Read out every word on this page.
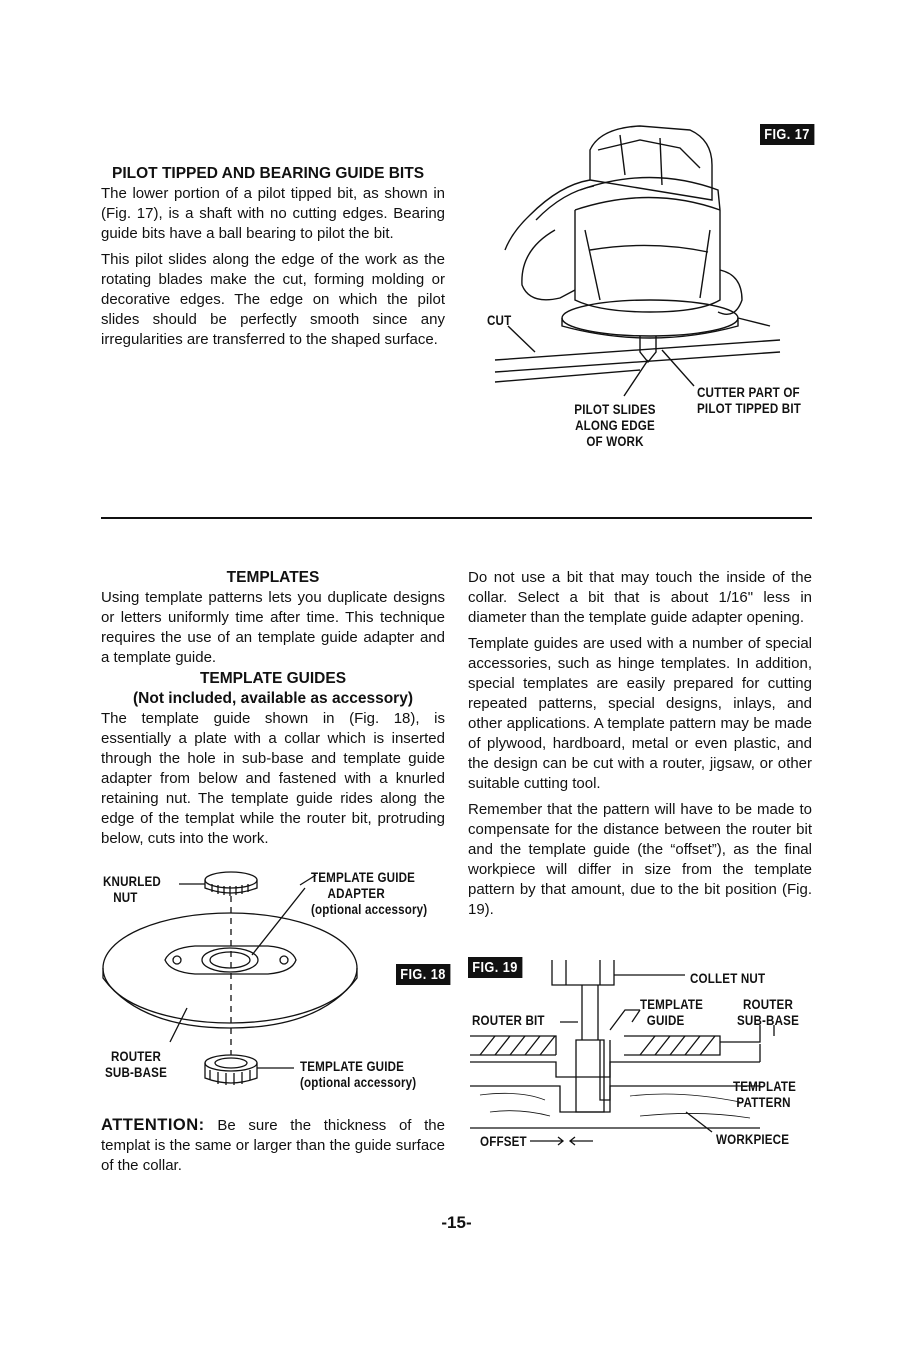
PILOT TIPPED AND BEARING GUIDE BITS

The lower portion of a pilot tipped bit, as shown in (Fig. 17), is a shaft with no cutting edges. Bearing guide bits have a ball bearing to pilot the bit.

This pilot slides along the edge of the work as the rotating blades make the cut, forming molding or decorative edges. The edge on which the pilot slides should be perfectly smooth since any irregularities are transferred to the shaped surface.

FIG. 17
CUT
PILOT SLIDES
ALONG EDGE
OF WORK
CUTTER PART OF
PILOT TIPPED BIT
TEMPLATES
Using template patterns lets you duplicate designs or letters uniformly time after time. This technique requires the use of an template guide adapter and a template guide.
TEMPLATE GUIDES
(Not included, available as accessory)
The template guide shown in (Fig. 18), is essentially a plate with a collar which is inserted through the hole in sub-base and template guide adapter from below and fastened with a knurled retaining nut. The template guide rides along the edge of the templat while the router bit, protruding below, cuts into the work.
KNURLED
NUT
TEMPLATE GUIDE
ADAPTER
(optional accessory)
FIG. 18
ROUTER
SUB-BASE	TEMPLATE GUIDE
(optional accessory)
ATTENTION: Be sure the thickness of the templat is the same or larger than the guide surface of the collar.

Do not use a bit that may touch the inside of the collar. Select a bit that is about 1/16" less in diameter than the template guide adapter opening.

Template guides are used with a number of special accessories, such as hinge templates. In addition, special templates are easily prepared for cutting repeated patterns, special designs, inlays, and other applications. A template pattern may be made of plywood, hardboard, metal or even plastic, and the design can be cut with a router, jigsaw, or other suitable cutting tool.

Remember that the pattern will have to be made to compensate for the distance between the router bit and the template guide (the “offset”), as the final workpiece will differ in size from the template pattern by that amount, due to the bit position (Fig. 19).

FIG. 19
COLLET NUT
TEMPLATE
GUIDE
ROUTER
SUB-BASE
ROUTER BIT
TEMPLATE
PATTERN
OFFSET	WORKPIECE
-15-
